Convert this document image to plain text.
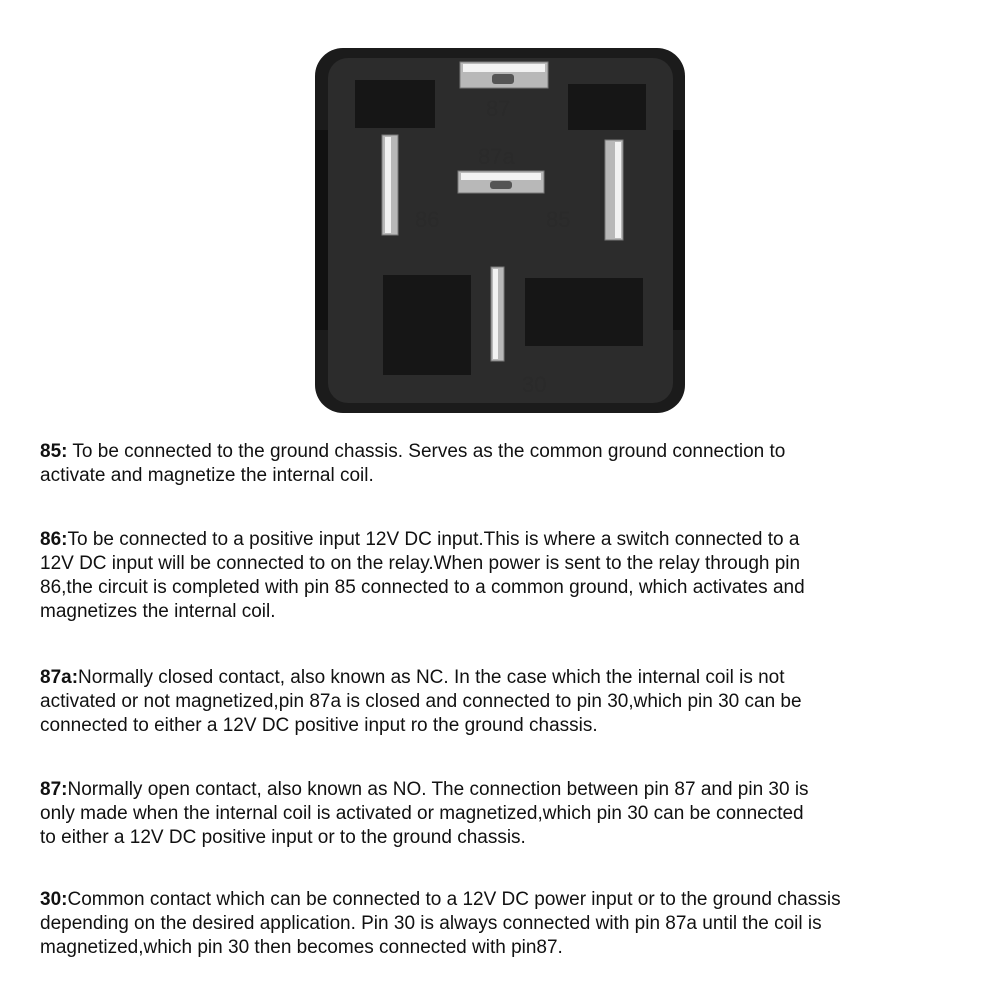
87
87a
86	85
30

85: To be connected to the ground chassis. Serves as the common ground connection to
activate and magnetize the internal coil.

86:To be connected to a positive input 12V DC input.This is where a switch connected to a
12V DC input will be connected to on the relay.When power is sent to the relay through pin
86,the circuit is completed with pin 85 connected to a common ground, which activates and
magnetizes the internal coil.

87a:Normally closed contact, also known as NC. In the case which the internal coil is not
activated or not magnetized,pin 87a is closed and connected to pin 30,which pin 30 can be
connected to either a 12V DC positive input ro the ground chassis.

87:Normally open contact, also known as NO. The connection between pin 87 and pin 30 is
only made when the internal coil is activated or magnetized,which pin 30 can be connected
to either a 12V DC positive input or to the ground chassis.

30:Common contact which can be connected to a 12V DC power input or to the ground chassis
depending on the desired application. Pin 30 is always connected with pin 87a until the coil is
magnetized,which pin 30 then becomes connected with pin87.
